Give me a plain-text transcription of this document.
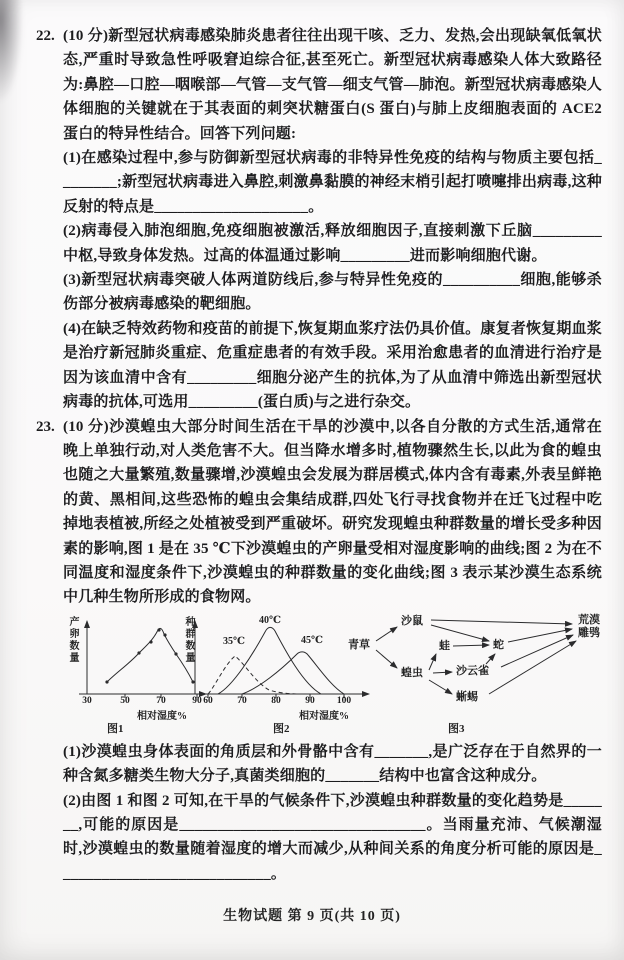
22. (10 分)新型冠状病毒感染肺炎患者往往出现干咳、乏力、发热,会出现缺氧低氧状态,严重时导致急性呼吸窘迫综合征,甚至死亡。新型冠状病毒感染人体大致路径为:鼻腔—口腔—咽喉部—气管—支气管—细支气管—肺泡。新型冠状病毒感染人体细胞的关键就在于其表面的刺突状糖蛋白(S 蛋白)与肺上皮细胞表面的 ACE2 蛋白的特异性结合。回答下列问题:

(1)在感染过程中,参与防御新型冠状病毒的非特异性免疫的结构与物质主要包括________;新型冠状病毒进入鼻腔,刺激鼻黏膜的神经末梢引起打喷嚏排出病毒,这种反射的特点是____________________。

(2)病毒侵入肺泡细胞,免疫细胞被激活,释放细胞因子,直接刺激下丘脑_________中枢,导致身体发热。过高的体温通过影响_________进而影响细胞代谢。

(3)新型冠状病毒突破人体两道防线后,参与特异性免疫的__________细胞,能够杀伤部分被病毒感染的靶细胞。

(4)在缺乏特效药物和疫苗的前提下,恢复期血浆疗法仍具价值。康复者恢复期血浆是治疗新冠肺炎重症、危重症患者的有效手段。采用治愈患者的血清进行治疗是因为该血清中含有_________细胞分泌产生的抗体,为了从血清中筛选出新型冠状病毒的抗体,可选用_________(蛋白质)与之进行杂交。

23. (10 分)沙漠蝗虫大部分时间生活在干旱的沙漠中,以各自分散的方式生活,通常在晚上单独行动,对人类危害不大。但当降水增多时,植物骤然生长,以此为食的蝗虫也随之大量繁殖,数量骤增,沙漠蝗虫会发展为群居模式,体内含有毒素,外表呈鲜艳的黄、黑相间,这些恐怖的蝗虫会集结成群,四处飞行寻找食物并在迁飞过程中吃掉地表植被,所经之处植被受到严重破坏。研究发现蝗虫种群数量的增长受多种因素的影响,图 1 是在 35 ℃下沙漠蝗虫的产卵量受相对湿度影响的曲线;图 2 为在不同温度和湿度条件下,沙漠蝗虫的种群数量的变化曲线;图 3 表示某沙漠生态系统中几种生物所形成的食物网。

产卵数量
30	50	70	90
相对湿度%
图1
种群数量	35℃
40℃
45℃
60	70	80	90 100
相对湿度%
图2
青草
沙鼠
蝗虫
蛙	蛇
沙云雀
蜥蜴
荒漠雕鸮
图3

(1)沙漠蝗虫身体表面的角质层和外骨骼中含有_______,是广泛存在于自然界的一种含氮多糖类生物大分子,真菌类细胞的_______结构中也富含这种成分。

(2)由图 1 和图 2 可知,在干旱的气候条件下,沙漠蝗虫种群数量的变化趋势是_______,可能的原因是________________________________。当雨量充沛、气候潮湿时,沙漠蝗虫的数量随着湿度的增大而减少,从种间关系的角度分析可能的原因是____________________________。

生物试题 第 9 页(共 10 页)
